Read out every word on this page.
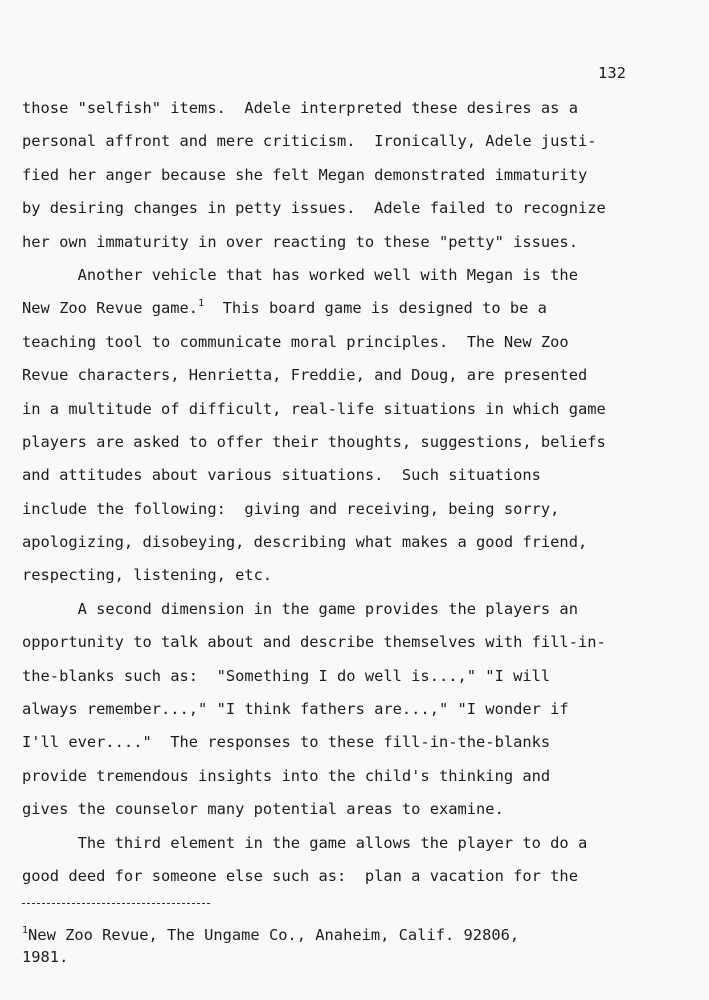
132
those "selfish" items.  Adele interpreted these desires as a
personal affront and mere criticism.  Ironically, Adele justi-
fied her anger because she felt Megan demonstrated immaturity
by desiring changes in petty issues.  Adele failed to recognize
her own immaturity in over reacting to these "petty" issues.
Another vehicle that has worked well with Megan is the
New Zoo Revue game.$^1$  This board game is designed to be a
teaching tool to communicate moral principles.  The New Zoo
Revue characters, Henrietta, Freddie, and Doug, are presented
in a multitude of difficult, real-life situations in which game
players are asked to offer their thoughts, suggestions, beliefs
and attitudes about various situations.  Such situations
include the following:  giving and receiving, being sorry,
apologizing, disobeying, describing what makes a good friend,
respecting, listening, etc.
A second dimension in the game provides the players an
opportunity to talk about and describe themselves with fill-in-
the-blanks such as:  "Something I do well is...," "I will
always remember...," "I think fathers are...," "I wonder if
I'll ever...."  The responses to these fill-in-the-blanks
provide tremendous insights into the child's thinking and
gives the counselor many potential areas to examine.
The third element in the game allows the player to do a
good deed for someone else such as:  plan a vacation for the
$^1$New Zoo Revue, The Ungame Co., Anaheim, Calif. 92806,
1981.
